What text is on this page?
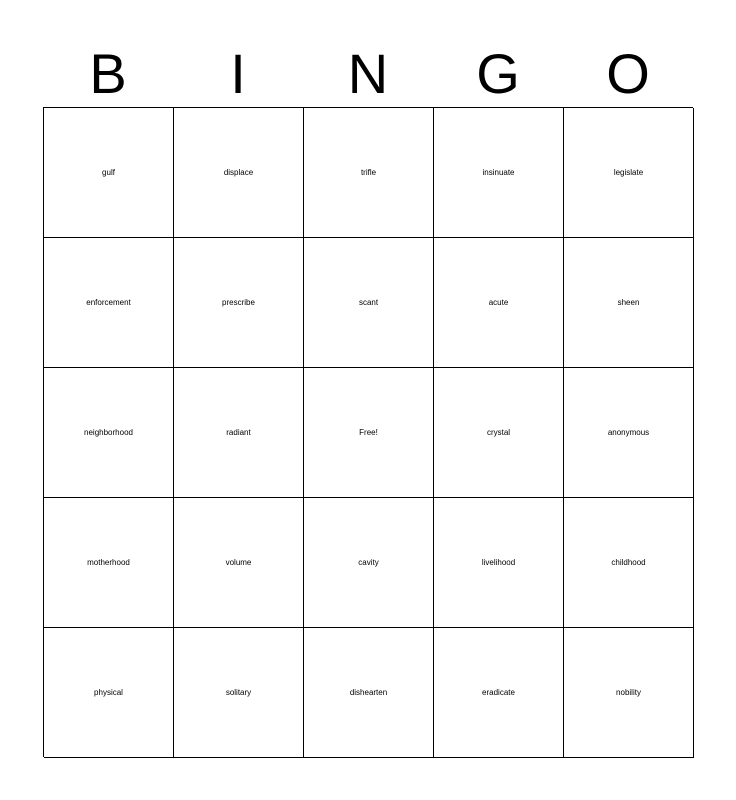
B	I	N	G	O
gulf	displace	trifle	insinuate	legislate
enforcement	prescribe	scant	acute	sheen
neighborhood	radiant	Free!	crystal	anonymous
motherhood	volume	cavity	livelihood	childhood
physical	solitary	dishearten	eradicate	nobility
